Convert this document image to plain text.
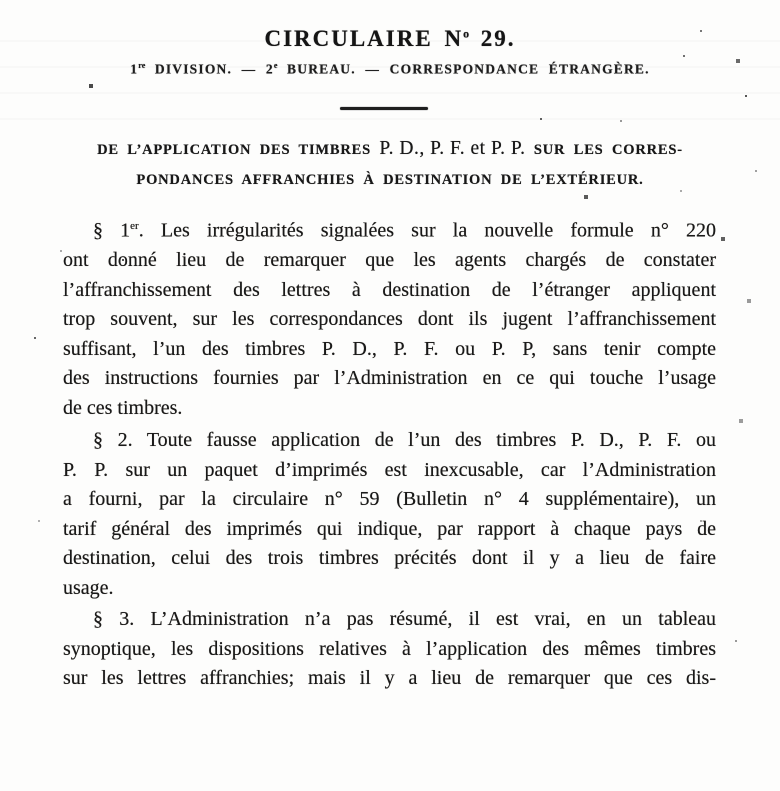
CIRCULAIRE $N^o$ 29.
1re DIVISION. — 2e BUREAU. — CORRESPONDANCE ÉTRANGÈRE.
DE L’APPLICATION DES TIMBRES P. D., P. F. et P. P. SUR LES CORRES-
PONDANCES AFFRANCHIES À DESTINATION DE L’EXTÉRIEUR.
§ 1er. Les irrégularités signalées sur la nouvelle formule n° 220
ont donné lieu de remarquer que les agents chargés de constater
l’affranchissement des lettres à destination de l’étranger appliquent
trop souvent, sur les correspondances dont ils jugent l’affranchissement
suffisant, l’un des timbres P. D., P. F. ou P. P, sans tenir compte
des instructions fournies par l’Administration en ce qui touche l’usage
de ces timbres.
§ 2. Toute fausse application de l’un des timbres P. D., P. F. ou
P. P. sur un paquet d’imprimés est inexcusable, car l’Administration
a fourni, par la circulaire n° 59 (Bulletin n° 4 supplémentaire), un
tarif général des imprimés qui indique, par rapport à chaque pays de
destination, celui des trois timbres précités dont il y a lieu de faire
usage.
§ 3. L’Administration n’a pas résumé, il est vrai, en un tableau
synoptique, les dispositions relatives à l’application des mêmes timbres
sur les lettres affranchies; mais il y a lieu de remarquer que ces dis-
